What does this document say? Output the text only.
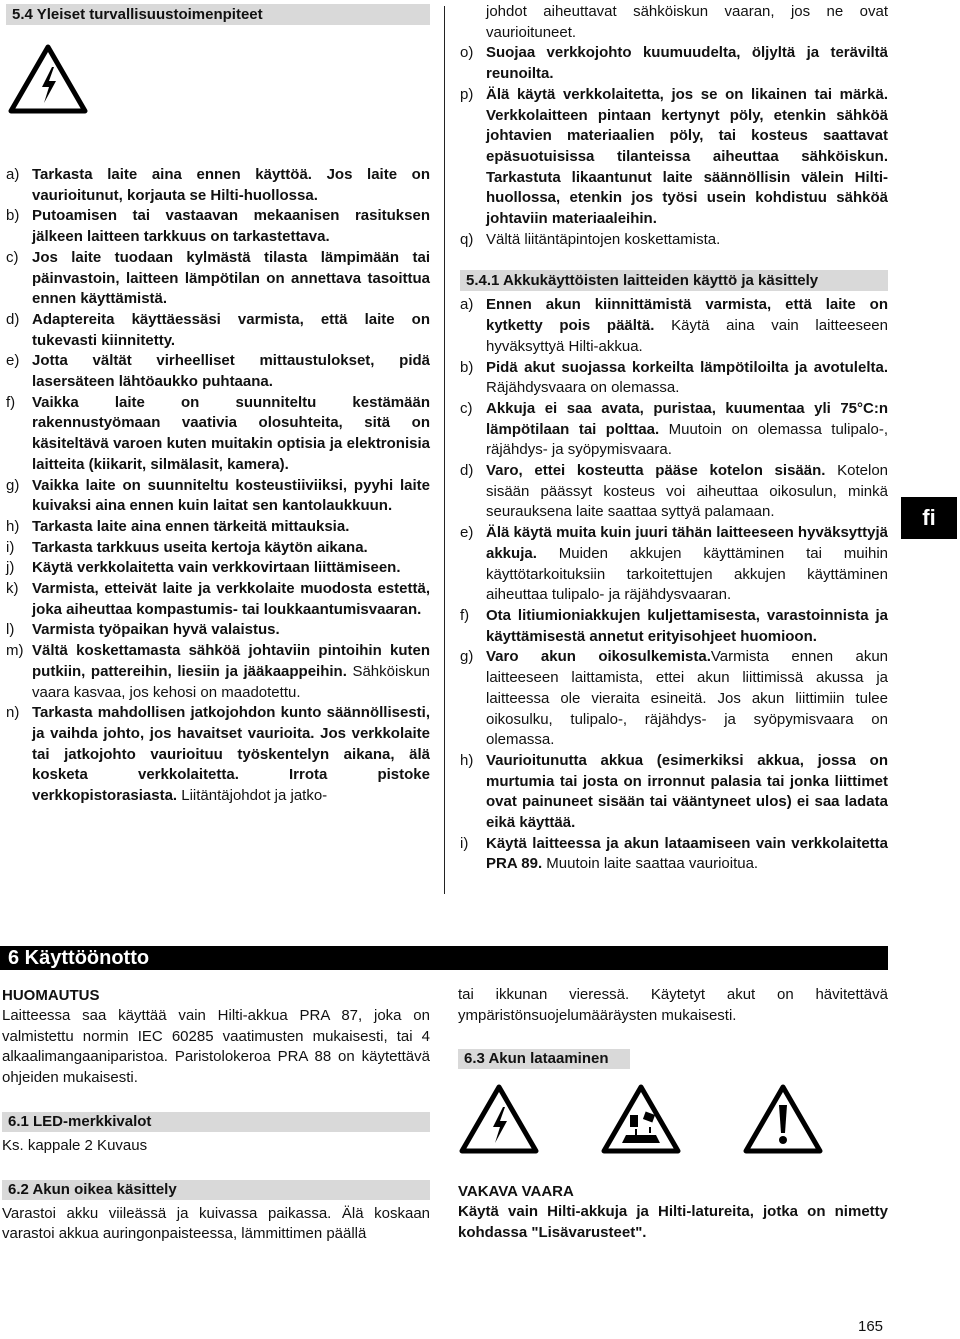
5.4 Yleiset turvallisuustoimenpiteet
a) Tarkasta laite aina ennen käyttöä. Jos laite on vaurioitunut, korjauta se Hilti-huollossa.
b) Putoamisen tai vastaavan mekaanisen rasituksen jälkeen laitteen tarkkuus on tarkastettava.
c) Jos laite tuodaan kylmästä tilasta lämpimään tai päinvastoin, laitteen lämpötilan on annettava tasoittua ennen käyttämistä.
d) Adaptereita käyttäessäsi varmista, että laite on tukevasti kiinnitetty.
e) Jotta vältät virheelliset mittaustulokset, pidä lasersäteen lähtöaukko puhtaana.
f)	Vaikka laite on suunniteltu kestämään rakennustyömaan vaativia olosuhteita, sitä on käsiteltävä varoen kuten muitakin optisia ja elektronisia laitteita (kiikarit, silmälasit, kamera).
g) Vaikka laite on suunniteltu kosteustiiviiksi, pyyhi laite kuivaksi aina ennen kuin laitat sen kantolaukkuun.
h) Tarkasta laite aina ennen tärkeitä mittauksia.
i)	Tarkasta tarkkuus useita kertoja käytön aikana.
j)	Käytä verkkolaitetta vain verkkovirtaan liittämiseen.
k) Varmista, etteivät laite ja verkkolaite muodosta estettä, joka aiheuttaa kompastumis- tai loukkaantumisvaaran.
l)	Varmista työpaikan hyvä valaistus.
m) Vältä koskettamasta sähköä johtaviin pintoihin kuten putkiin, pattereihin, liesiin ja jääkaappeihin. Sähköiskun vaara kasvaa, jos kehosi on maadotettu.
n) Tarkasta mahdollisen jatkojohdon kunto säännöllisesti, ja vaihda johto, jos havaitset vaurioita. Jos verkkolaite tai jatkojohto vaurioituu työskentelyn aikana, älä kosketa verkkolaitetta. Irrota pistoke verkkopistorasiasta. Liitäntäjohdot ja jatko-
johdot aiheuttavat sähköiskun vaaran, jos ne ovat vaurioituneet.
o) Suojaa verkkojohto kuumuudelta, öljyltä ja teräviltä reunoilta.
p) Älä käytä verkkolaitetta, jos se on likainen tai märkä. Verkkolaitteen pintaan kertynyt pöly, etenkin sähköä johtavien materiaalien pöly, tai kosteus saattavat epäsuotuisissa tilanteissa aiheuttaa sähköiskun. Tarkastuta likaantunut laite säännöllisin välein Hilti-huollossa, etenkin jos työsi usein kohdistuu sähköä johtaviin materiaaleihin.
q) Vältä liitäntäpintojen koskettamista.
5.4.1 Akkukäyttöisten laitteiden käyttö ja käsittely
a) Ennen akun kiinnittämistä varmista, että laite on kytketty pois päältä. Käytä aina vain laitteeseen hyväksyttyä Hilti-akkua.
b) Pidä akut suojassa korkeilta lämpötiloilta ja avotulelta. Räjähdysvaara on olemassa.
c) Akkuja ei saa avata, puristaa, kuumentaa yli 75°C:n lämpötilaan tai polttaa. Muutoin on olemassa tulipalo-, räjähdys- ja syöpymisvaara.
d) Varo, ettei kosteutta pääse kotelon sisään. Kotelon sisään päässyt kosteus voi aiheuttaa oikosulun, minkä seurauksena laite saattaa syttyä palamaan.
e) Älä käytä muita kuin juuri tähän laitteeseen hyväksyttyjä akkuja. Muiden akkujen käyttäminen tai muihin käyttötarkoituksiin tarkoitettujen akkujen käyttäminen aiheuttaa tulipalo- ja räjähdysvaaran.
f)	Ota litiumioniakkujen kuljettamisesta, varastoinnista ja käyttämisestä annetut erityisohjeet huomioon.
g) Varo akun oikosulkemista.Varmista ennen akun laitteeseen laittamista, ettei akun liittimissä akussa ja laitteessa ole vieraita esineitä. Jos akun liittimiin tulee oikosulku, tulipalo-, räjähdys- ja syöpymisvaara on olemassa.
h) Vaurioitunutta akkua (esimerkiksi akkua, jossa on murtumia tai josta on irronnut palasia tai jonka liittimet ovat painuneet sisään tai vääntyneet ulos) ei saa ladata eikä käyttää.
i)	Käytä laitteessa ja akun lataamiseen vain verkkolaitetta PRA 89. Muutoin laite saattaa vaurioitua.
fi
6 Käyttöönotto
HUOMAUTUS
Laitteessa saa käyttää vain Hilti-akkua PRA 87, joka on valmistettu normin IEC 60285 vaatimusten mukaisesti, tai 4 alkaalimangaaniparistoa. Paristolokeroa PRA 88 on käytettävä ohjeiden mukaisesti.
6.1 LED-merkkivalot
Ks. kappale 2 Kuvaus
6.2 Akun oikea käsittely
Varastoi akku viileässä ja kuivassa paikassa. Älä koskaan varastoi akkua auringonpaisteessa, lämmittimen päällä
tai ikkunan vieressä. Käytetyt akut on hävitettävä ympäristönsuojelumääräysten mukaisesti.
6.3 Akun lataaminen
VAKAVA VAARA
Käytä vain Hilti-akkuja ja Hilti-latureita, jotka on nimetty kohdassa "Lisävarusteet".
165
